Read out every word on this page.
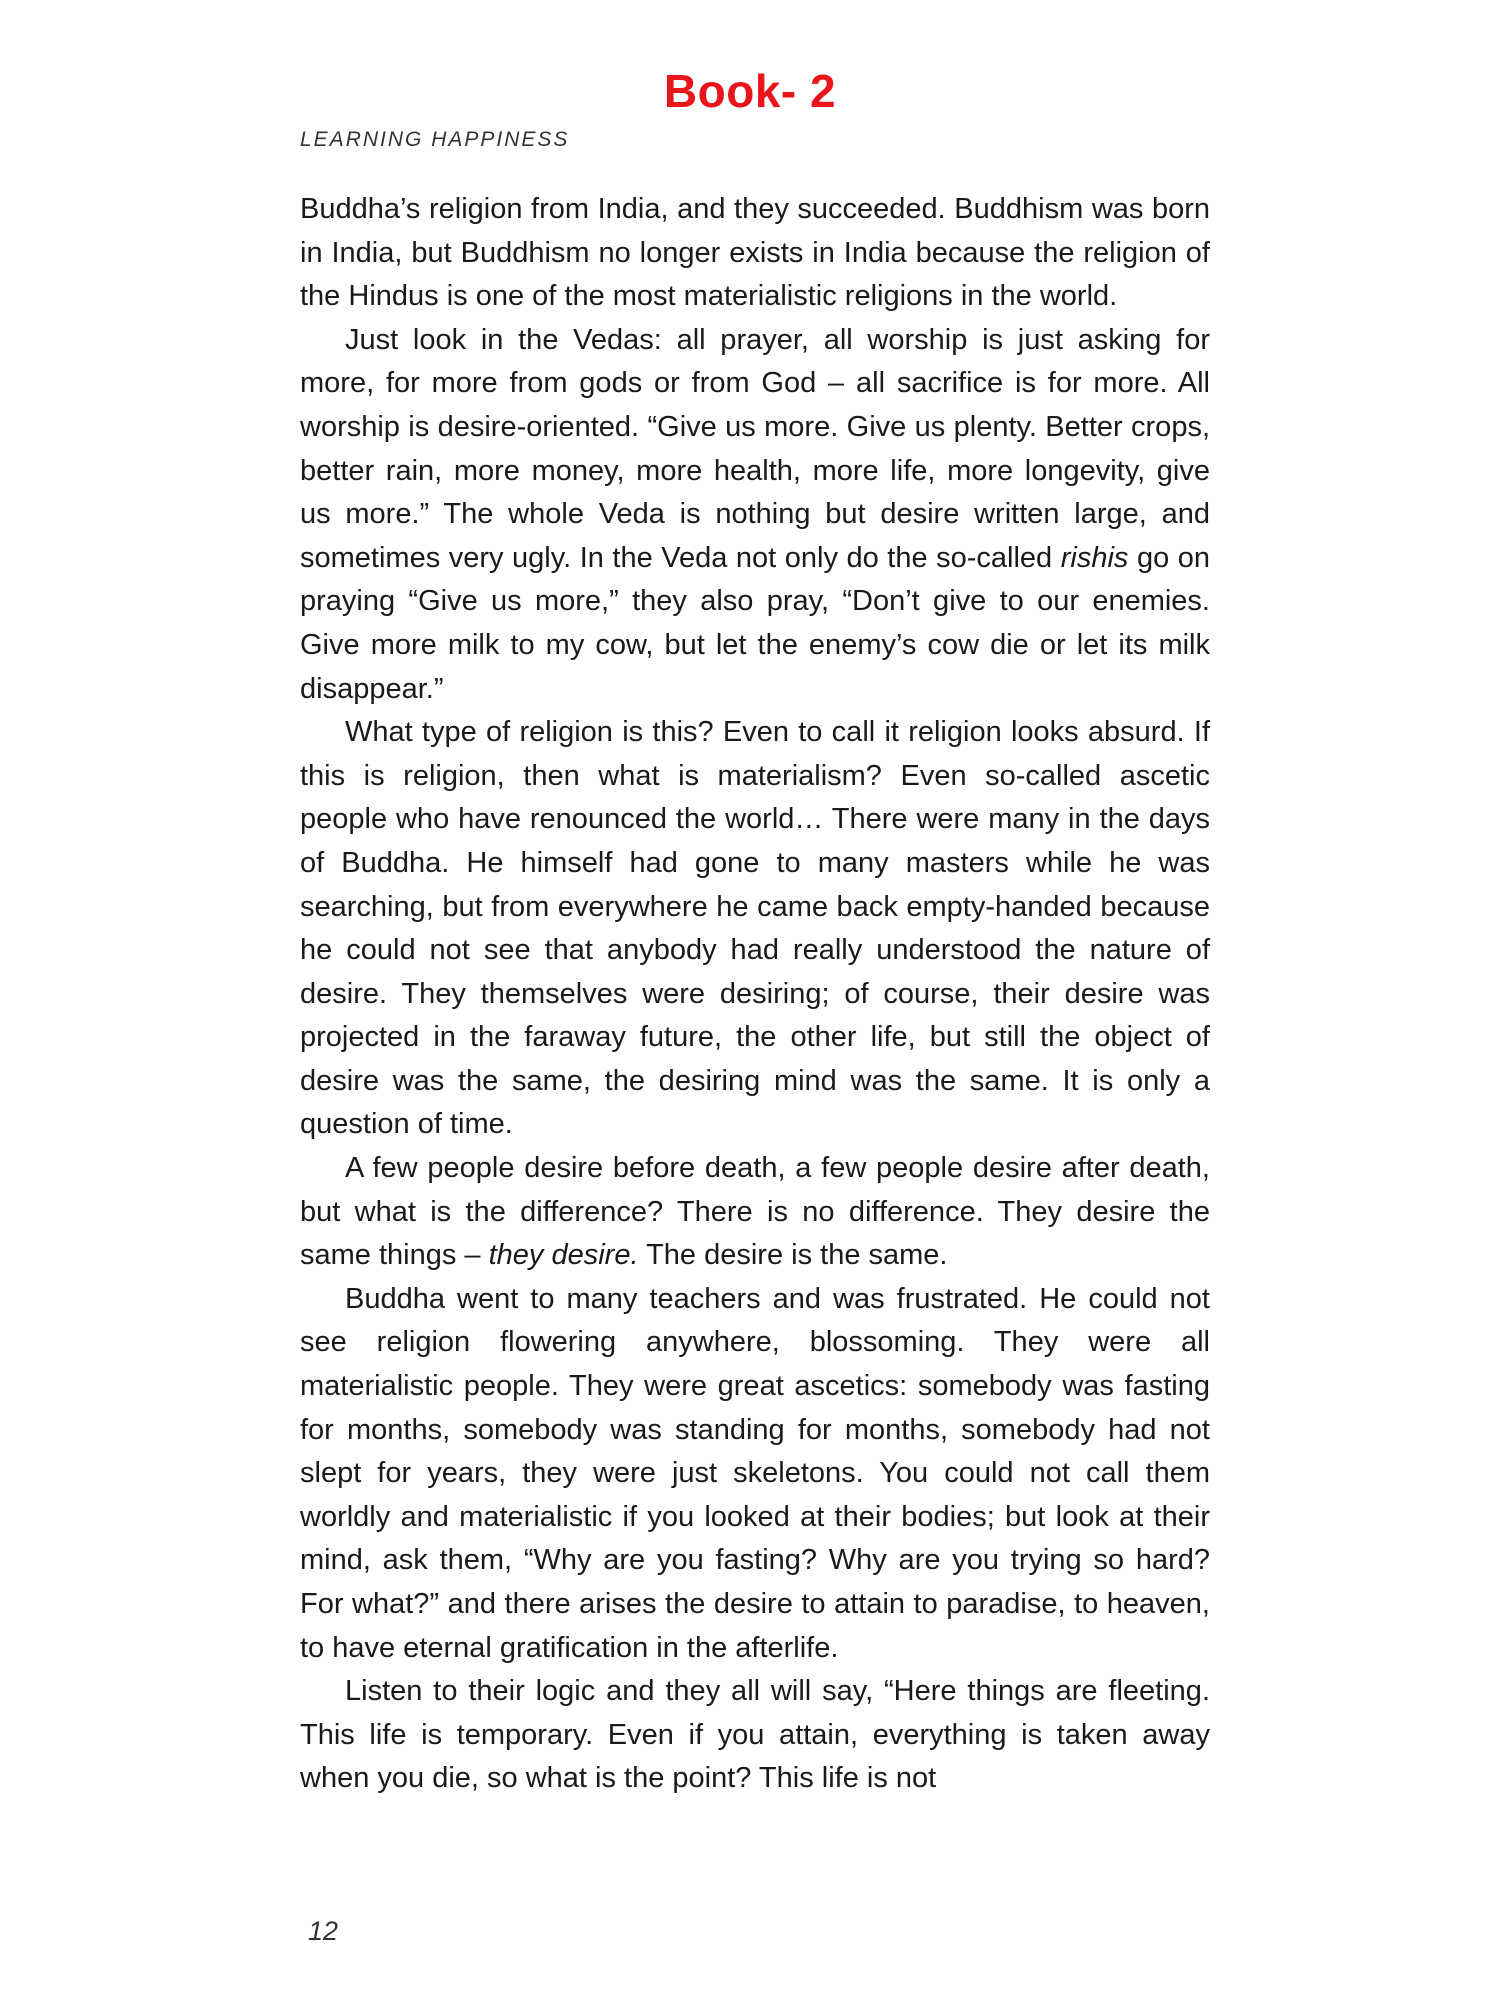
Book- 2
LEARNING HAPPINESS

Buddha’s religion from India, and they succeeded. Buddhism was born in India, but Buddhism no longer exists in India because the religion of the Hindus is one of the most materialistic religions in the world.

Just look in the Vedas: all prayer, all worship is just asking for more, for more from gods or from God – all sacrifice is for more. All worship is desire-oriented. “Give us more. Give us plenty. Better crops, better rain, more money, more health, more life, more longevity, give us more.” The whole Veda is nothing but desire written large, and sometimes very ugly. In the Veda not only do the so-called rishis go on praying “Give us more,” they also pray, “Don’t give to our enemies. Give more milk to my cow, but let the enemy’s cow die or let its milk disappear.”

What type of religion is this? Even to call it religion looks absurd. If this is religion, then what is materialism? Even so-called ascetic people who have renounced the world… There were many in the days of Buddha. He himself had gone to many masters while he was searching, but from everywhere he came back empty-handed because he could not see that anybody had really understood the nature of desire. They themselves were desiring; of course, their desire was projected in the faraway future, the other life, but still the object of desire was the same, the desiring mind was the same. It is only a question of time.

A few people desire before death, a few people desire after death, but what is the difference? There is no difference. They desire the same things – they desire. The desire is the same.

Buddha went to many teachers and was frustrated. He could not see religion flowering anywhere, blossoming. They were all materialistic people. They were great ascetics: somebody was fasting for months, somebody was standing for months, somebody had not slept for years, they were just skeletons. You could not call them worldly and materialistic if you looked at their bodies; but look at their mind, ask them, “Why are you fasting? Why are you trying so hard? For what?” and there arises the desire to attain to paradise, to heaven, to have eternal gratification in the afterlife.

Listen to their logic and they all will say, “Here things are fleeting. This life is temporary. Even if you attain, everything is taken away when you die, so what is the point? This life is not

12
